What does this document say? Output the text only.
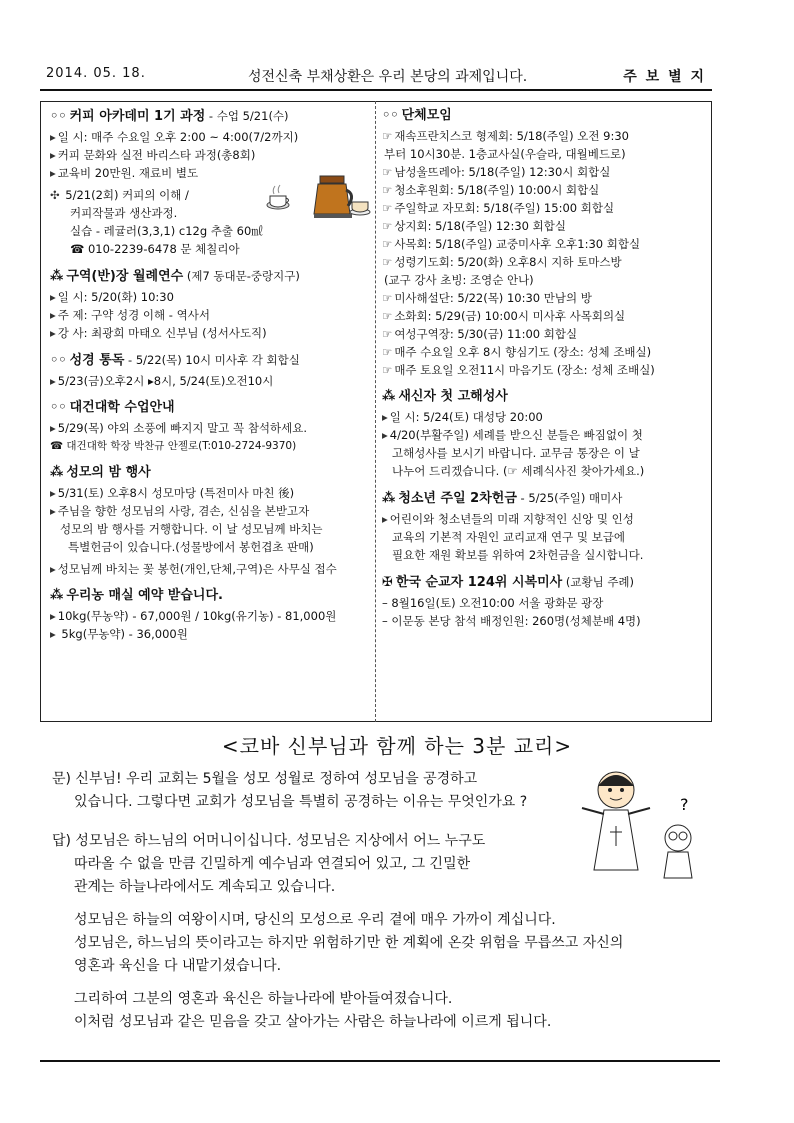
2014. 05. 18.	성전신축 부채상환은 우리 본당의 과제입니다.	주 보 별 지
◦◦ 커피 아카데미 1기 과정 - 수업 5/21(수)
▸ 일 시: 매주 수요일 오후 2:00 ~ 4:00(7/2까지)
▸ 커피 문화와 실전 바리스타 과정(총8회)
▸ 교육비 20만원. 재료비 별도
✣ 5/21(2회) 커피의 이해 /
커피작물과 생산과정.
실습 - 레귤러(3,3,1) c12g 추출 60㎖
☎ 010-2239-6478 문 체칠리아
⁂ 구역(반)장 월례연수 (제7 동대문-중랑지구)
▸ 일 시: 5/20(화) 10:30
▸ 주 제: 구약 성경 이해 - 역사서
▸ 강 사: 최광희 마태오 신부님 (성서사도직)
◦◦ 성경 통독 - 5/22(목) 10시 미사후 각 회합실
▸ 5/23(금)오후2시 ▸8시, 5/24(토)오전10시
◦◦ 대건대학 수업안내
▸ 5/29(목) 야외 소풍에 빠지지 말고 꼭 참석하세요.
☎ 대건대학 학장 박찬규 안젤로(T:010-2724-9370)
⁂ 성모의 밤 행사
▸ 5/31(토) 오후8시 성모마당 (특전미사 마친 後)
▸ 주님을 향한 성모님의 사랑, 겸손, 신심을 본받고자
성모의 밤 행사를 거행합니다. 이 날 성모님께 바치는
특별헌금이 있습니다.(성물방에서 봉헌겹초 판매)
▸ 성모님께 바치는 꽃 봉헌(개인,단체,구역)은 사무실 접수
⁂ 우리농 매실 예약 받습니다.
▸ 10kg(무농약) - 67,000원 / 10kg(유기농) - 81,000원
▸ 5kg(무농약) - 36,000원
◦◦ 단체모임
☞ 재속프란치스코 형제회: 5/18(주일) 오전 9:30
부터 10시30분. 1층교사실(우슬라, 대월베드로)
☞ 남성울뜨레아: 5/18(주일) 12:30시 회합실
☞ 청소후원회: 5/18(주일) 10:00시 회합실
☞ 주일학교 자모회: 5/18(주일) 15:00 회합실
☞ 상지회: 5/18(주일) 12:30 회합실
☞ 사목회: 5/18(주일) 교중미사후 오후1:30 회합실
☞ 성령기도회: 5/20(화) 오후8시 지하 토마스방
(교구 강사 초빙: 조영순 안나)
☞ 미사해설단: 5/22(목) 10:30 만남의 방
☞ 소화회: 5/29(금) 10:00시 미사후 사목회의실
☞ 여성구역장: 5/30(금) 11:00 회합실
☞ 매주 수요일 오후 8시 향심기도 (장소: 성체 조배실)
☞ 매주 토요일 오전11시 마음기도 (장소: 성체 조배실)
⁂ 새신자 첫 고해성사
▸ 일 시: 5/24(토) 대성당 20:00
▸ 4/20(부활주일) 세례를 받으신 분들은 빠짐없이 첫
고해성사를 보시기 바랍니다. 교무금 통장은 이 날
나누어 드리겠습니다. (☞ 세례식사진 찾아가세요.)
⁂ 청소년 주일 2차헌금 - 5/25(주일) 매미사
▸ 어린이와 청소년들의 미래 지향적인 신앙 및 인성
교육의 기본적 자원인 교리교재 연구 및 보급에
필요한 재원 확보를 위하여 2차헌금을 실시합니다.
✠ 한국 순교자 124위 시복미사 (교황님 주례)
– 8월16일(토) 오전10:00 서울 광화문 광장
– 이문동 본당 참석 배정인원: 260명(성체분배 4명)
<코바 신부님과 함께 하는 3분 교리>
문) 신부님! 우리 교회는 5월을 성모 성월로 정하여 성모님을 공경하고
있습니다. 그렇다면 교회가 성모님을 특별히 공경하는 이유는 무엇인가요 ?
답) 성모님은 하느님의 어머니이십니다. 성모님은 지상에서 어느 누구도
따라올 수 없을 만큼 긴밀하게 예수님과 연결되어 있고, 그 긴밀한
관계는 하늘나라에서도 계속되고 있습니다.
성모님은 하늘의 여왕이시며, 당신의 모성으로 우리 곁에 매우 가까이 계십니다.
성모님은, 하느님의 뜻이라고는 하지만 위험하기만 한 계획에 온갖 위험을 무릅쓰고 자신의
영혼과 육신을 다 내맡기셨습니다.
그리하여 그분의 영혼과 육신은 하늘나라에 받아들여졌습니다.
이처럼 성모님과 같은 믿음을 갖고 살아가는 사람은 하늘나라에 이르게 됩니다.
?
